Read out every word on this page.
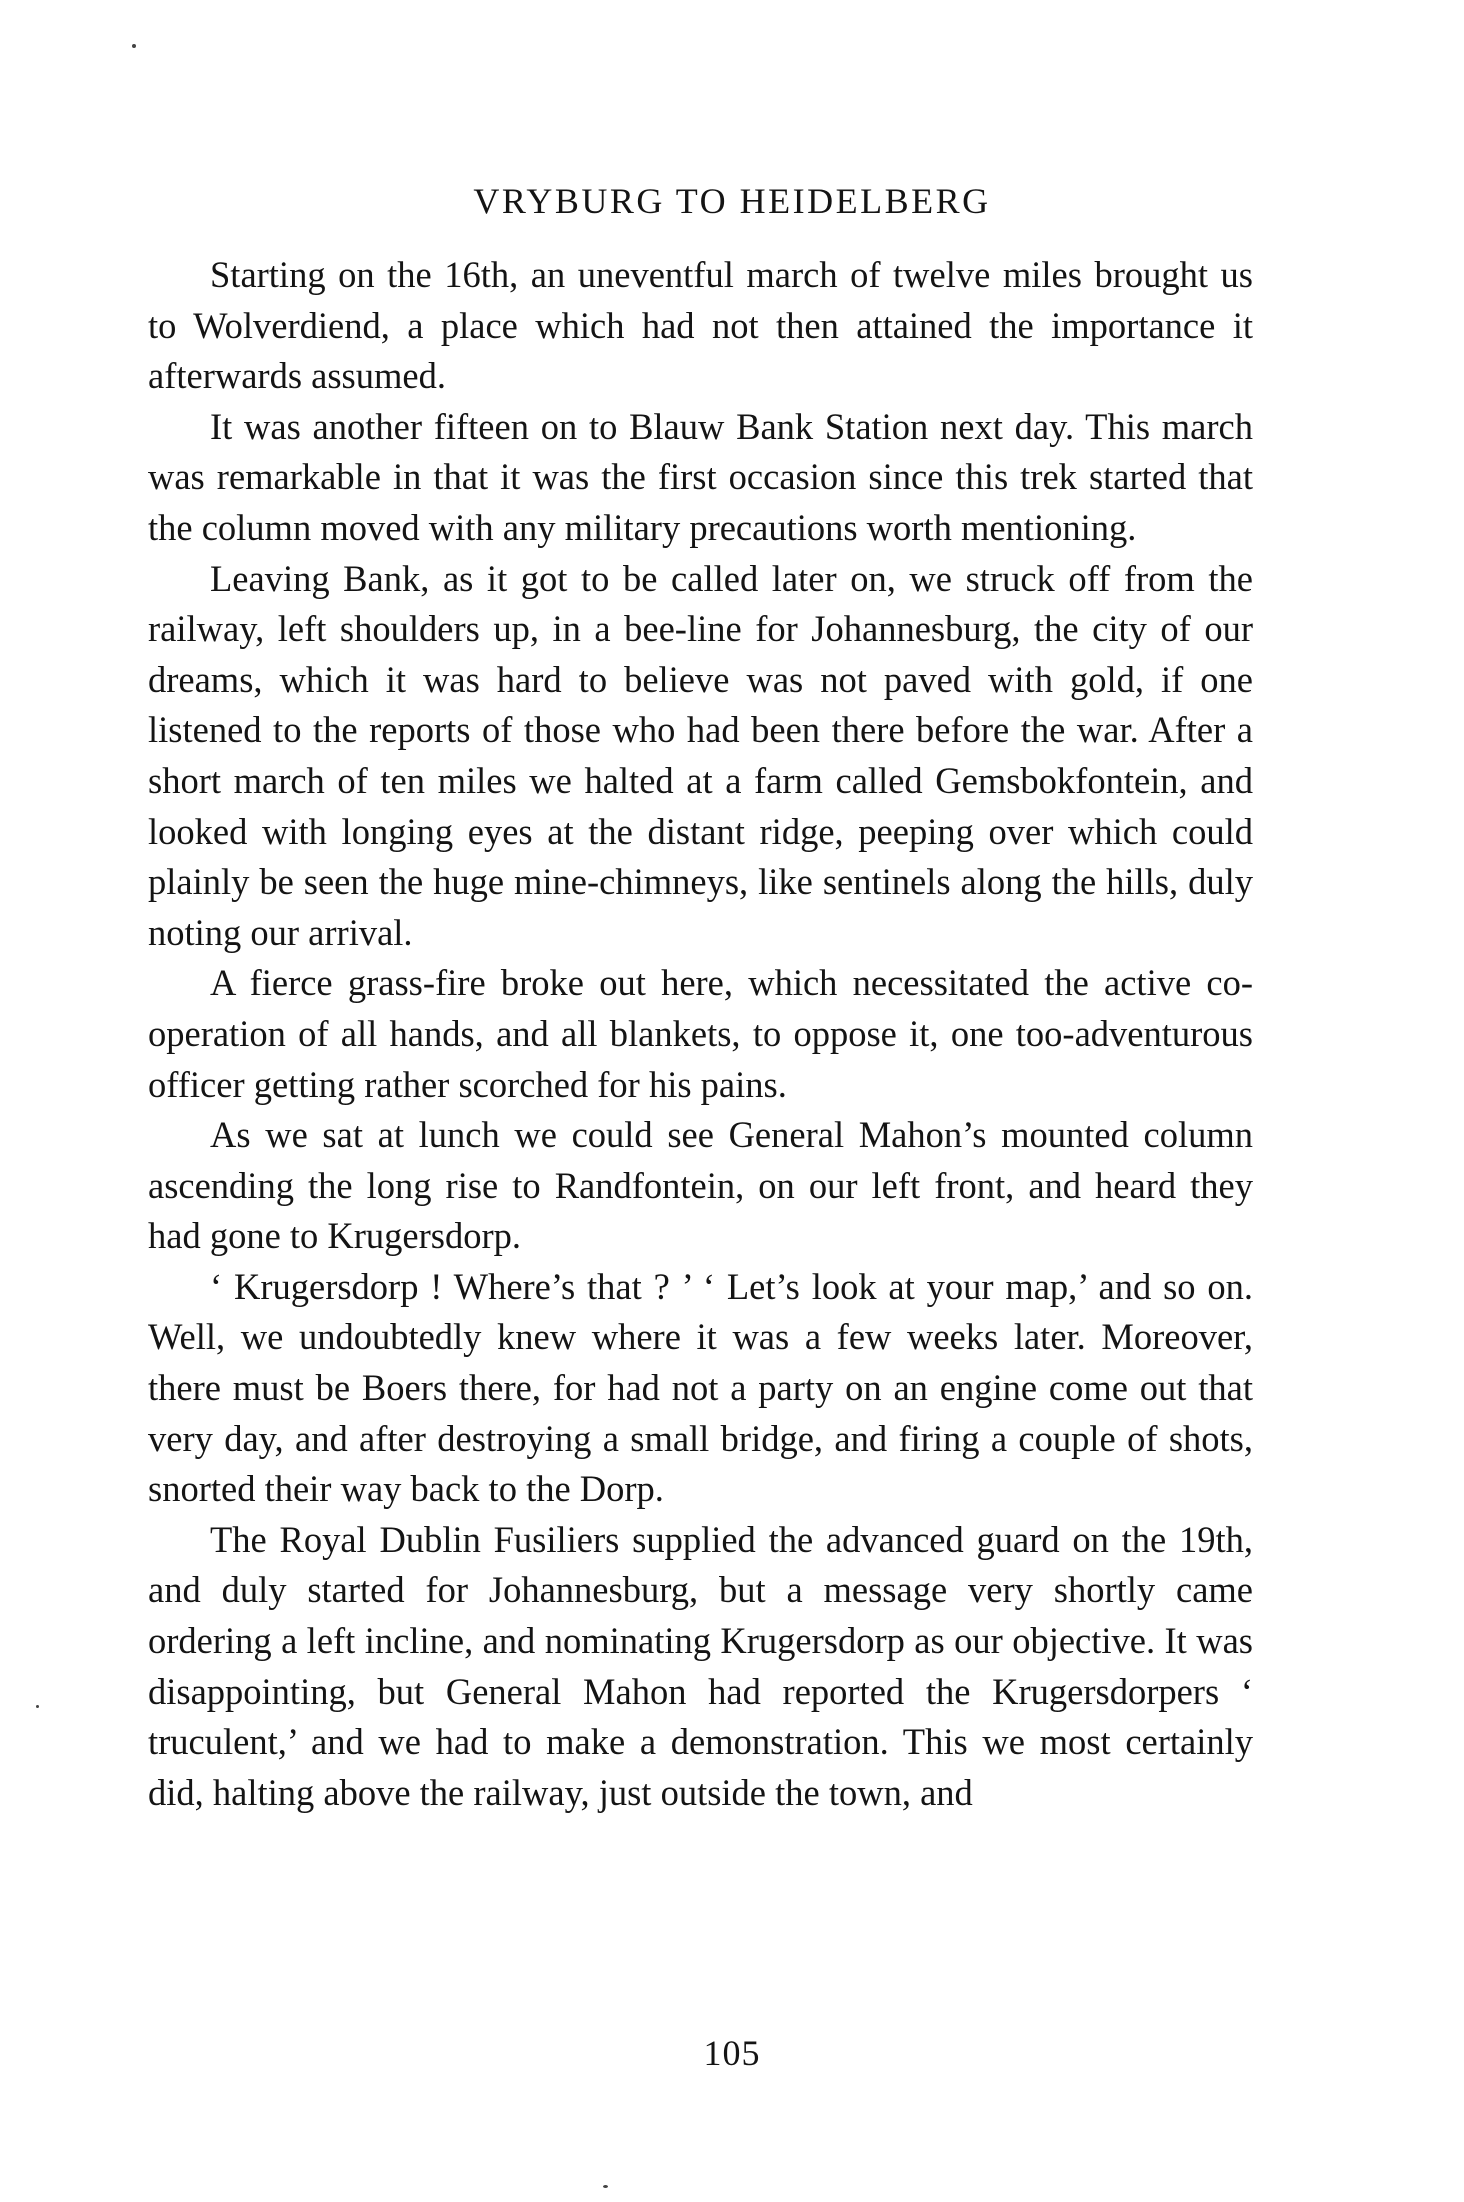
VRYBURG TO HEIDELBERG

Starting on the 16th, an uneventful march of twelve miles brought us to Wolverdiend, a place which had not then attained the importance it afterwards assumed.

It was another fifteen on to Blauw Bank Station next day. This march was remarkable in that it was the first occasion since this trek started that the column moved with any military precautions worth mentioning.

Leaving Bank, as it got to be called later on, we struck off from the railway, left shoulders up, in a bee-line for Johannesburg, the city of our dreams, which it was hard to believe was not paved with gold, if one listened to the reports of those who had been there before the war. After a short march of ten miles we halted at a farm called Gemsbokfontein, and looked with longing eyes at the distant ridge, peeping over which could plainly be seen the huge mine-chimneys, like sentinels along the hills, duly noting our arrival.

A fierce grass-fire broke out here, which necessitated the active co-operation of all hands, and all blankets, to oppose it, one too-adventurous officer getting rather scorched for his pains.

As we sat at lunch we could see General Mahon’s mounted column ascending the long rise to Randfontein, on our left front, and heard they had gone to Krugersdorp.

‘ Krugersdorp ! Where’s that ? ’ ‘ Let’s look at your map,’ and so on. Well, we undoubtedly knew where it was a few weeks later. Moreover, there must be Boers there, for had not a party on an engine come out that very day, and after destroying a small bridge, and firing a couple of shots, snorted their way back to the Dorp.

The Royal Dublin Fusiliers supplied the advanced guard on the 19th, and duly started for Johannesburg, but a message very shortly came ordering a left incline, and nominating Krugersdorp as our objective. It was disappointing, but General Mahon had reported the Krugersdorpers ‘ truculent,’ and we had to make a demonstration. This we most certainly did, halting above the railway, just outside the town, and

105
